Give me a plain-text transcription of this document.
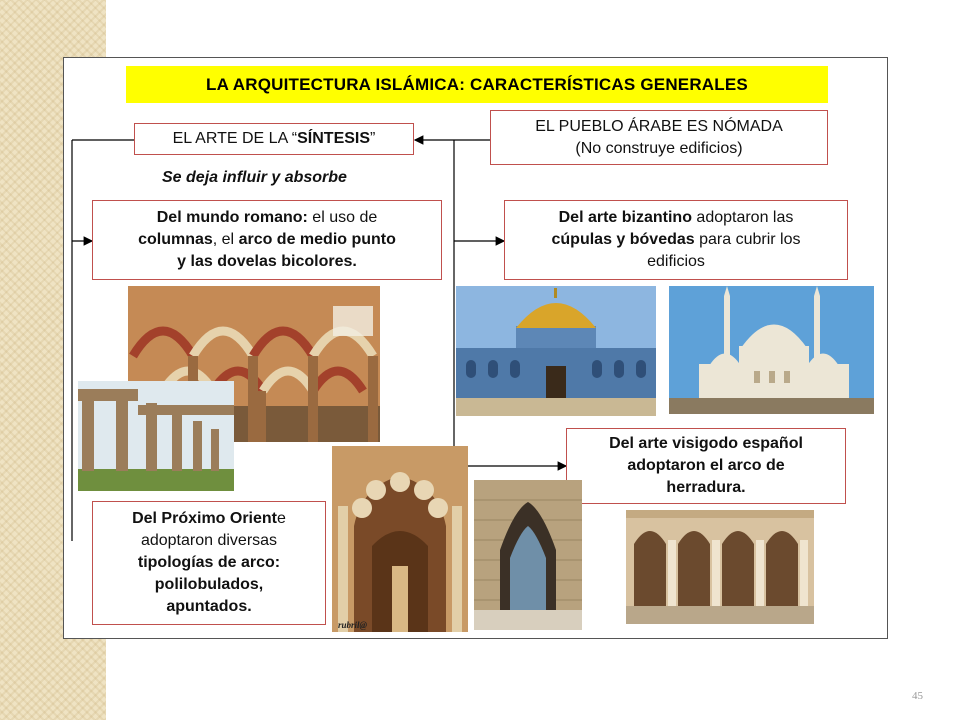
LA ARQUITECTURA ISLÁMICA: CARACTERÍSTICAS GENERALES
EL ARTE DE LA “ SÍNTESIS ”
EL PUEBLO ÁRABE ES NÓMADA
(No construye edificios)
Se deja influir y absorbe
Del mundo romano: el uso de
columnas, el arco de medio punto
y las dovelas bicolores.
Del arte bizantino adoptaron las
cúpulas y bóvedas para cubrir los
edificios
Del arte visigodo español
adoptaron el arco de
herradura.
rubril@
Del Próximo Oriente
adoptaron diversas
tipologías de arco:
polilobulados,
apuntados.
45
